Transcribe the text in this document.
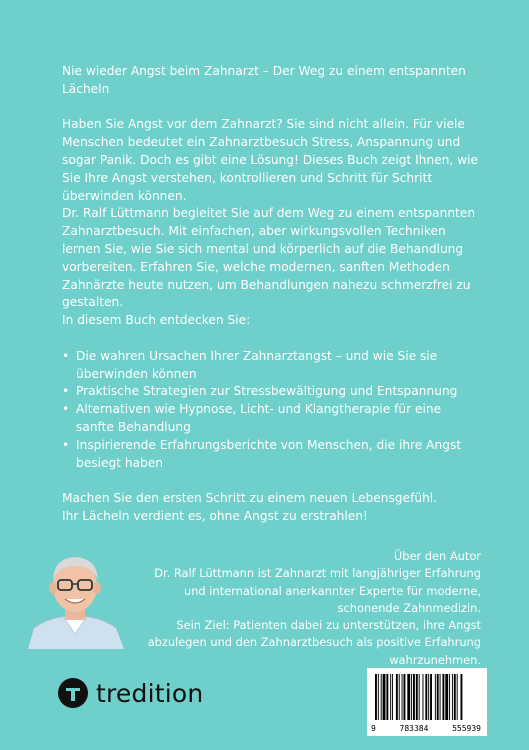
Nie wieder Angst beim Zahnarzt – Der Weg zu einem entspannten Lächeln

Haben Sie Angst vor dem Zahnarzt? Sie sind nicht allein. Für viele Menschen bedeutet ein Zahnarztbesuch Stress, Anspannung und sogar Panik. Doch es gibt eine Lösung! Dieses Buch zeigt Ihnen, wie Sie Ihre Angst verstehen, kontrollieren und Schritt für Schritt überwinden können.

Dr. Ralf Lüttmann begleitet Sie auf dem Weg zu einem entspannten Zahnarztbesuch. Mit einfachen, aber wirkungsvollen Techniken lernen Sie, wie Sie sich mental und körperlich auf die Behandlung vorbereiten. Erfahren Sie, welche modernen, sanften Methoden Zahnärzte heute nutzen, um Behandlungen nahezu schmerzfrei zu gestalten.

In diesem Buch entdecken Sie:

• Die wahren Ursachen Ihrer Zahnarztangst – und wie Sie sie überwinden können
• Praktische Strategien zur Stressbewältigung und Entspannung
• Alternativen wie Hypnose, Licht- und Klangtherapie für eine sanfte Behandlung
• Inspirierende Erfahrungsberichte von Menschen, die ihre Angst besiegt haben

Machen Sie den ersten Schritt zu einem neuen Lebensgefühl.

Ihr Lächeln verdient es, ohne Angst zu erstrahlen!

Über den Autor

Dr. Ralf Lüttmann ist Zahnarzt mit langjähriger Erfahrung und international anerkannter Experte für moderne, schonende Zahnmedizin.

Sein Ziel: Patienten dabei zu unterstützen, ihre Angst abzulegen und den Zahnarztbesuch als positive Erfahrung wahrzunehmen.

tredition
9	783384	555939
